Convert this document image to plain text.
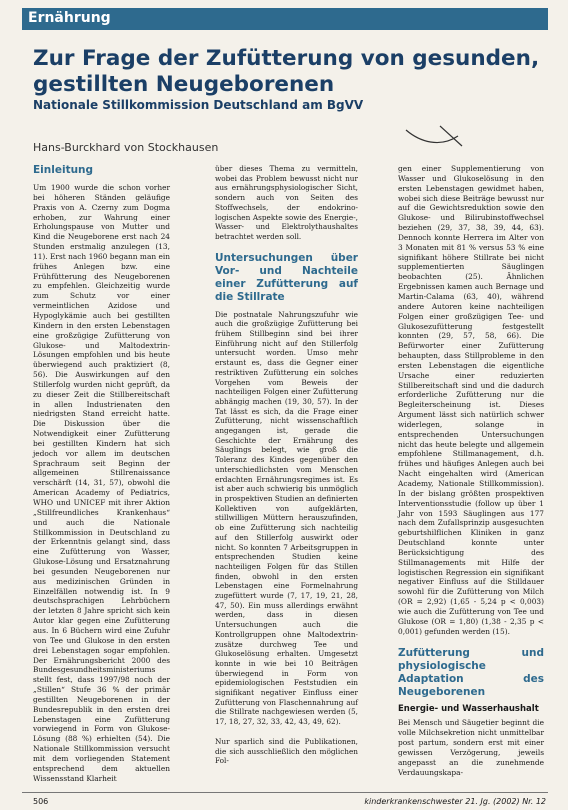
Ernährung
Zur Frage der Zufütterung von gesunden, gestillten Neugeborenen
Nationale Stillkommission Deutschland am BgVV
Hans-Burckhard von Stockhausen
Einleitung

Um 1900 wurde die schon vorher bei höheren Ständen geläufige Praxis von A. Czerny zum Dogma erhoben, zur Wahrung einer Erholungspause von Mutter und Kind die Neugeborene erst nach 24 Stunden erstmalig anzulegen (13, 11). Erst nach 1960 begann man ein frühes Anlegen bzw. eine Frühfütterung des Neugeborenen zu empfehlen. Gleichzeitig wurde zum Schutz vor einer vermeintlichen Azidose und Hypoglykämie auch bei gestillten Kindern in den ersten Lebenstagen eine großzügige Zufütterung von Glukose- und Maltodextrin-Lösungen empfohlen und bis heute überwiegend auch praktiziert (8, 56). Die Auswirkungen auf den Stillerfolg wurden nicht geprüft, da zu dieser Zeit die Stillbereitschaft in allen Industrienaten den niedrigsten Stand erreicht hatte. Die Diskussion über die Notwendigkeit einer Zufütterung bei gestillten Kindern hat sich jedoch vor allem im deutschen Sprachraum seit Beginn der allgemeinen Stillrenaissance verschärft (14, 31, 57), obwohl die American Academy of Pediatrics, WHO und UNICEF mit ihrer Aktion „Stillfreundliches Krankenhaus“ und auch die Nationale Stillkommission in Deutschland zu der Erkenntnis gelangt sind, dass eine Zufütterung von Wasser, Glukose-Lösung und Ersatznahrung bei gesunden Neugeborenen nur aus medizinischen Gründen in Einzelfällen notwendig ist. In 9 deutschsprachigen Lehrbüchern der letzten 8 Jahre spricht sich kein Autor klar gegen eine Zufütterung aus. In 6 Büchern wird eine Zufuhr von Tee und Glukose in den ersten drei Lebenstagen sogar empfohlen. Der Ernährungsbericht 2000 des Bundesgesundheitsministeriums stellt fest, dass 1997/98 noch der „Stillen“ Stufe 36 % der primär gestillten Neugeborenen in der Bundesrepublik in den ersten drei Lebenstagen eine Zufütterung vorwiegend in Form von Glukose-Lösung (88 %) erhielten (54). Die Nationale Stillkommission versucht mit dem vorliegenden Statement entsprechend dem aktuellen Wissensstand Klarheit

über dieses Thema zu vermitteln, wobei das Problem bewusst nicht nur aus ernährungsphysiologischer Sicht, sondern auch von Seiten des Stoffwechsels, der endokrino-logischen Aspekte sowie des Energie-, Wasser- und Elektrolythaushaltes betrachtet werden soll.

Untersuchungen über Vor- und Nachteile einer Zufütterung auf die Stillrate

Die postnatale Nahrungszufuhr wie auch die großzügige Zufütterung bei frühem Stillbeginn sind bei ihrer Einführung nicht auf den Stillerfolg untersucht worden. Umso mehr erstaunt es, dass die Gegner einer restriktiven Zufütterung ein solches Vorgehen vom Beweis der nachteiligen Folgen einer Zufütterung abhängig machen (19, 30, 57). In der Tat lässt es sich, da die Frage einer Zufütterung, nicht wissenschaftlich angegangen ist, gerade die Geschichte der Ernährung des Säuglings belegt, wie groß die Toleranz des Kindes gegenüber den unterschiedlichsten vom Menschen erdachten Ernährungsregimes ist. Es ist aber auch schwierig bis unmöglich in prospektiven Studien an definierten Kollektiven von aufgeklärten, stillwilligen Müttern herauszufinden, ob eine Zufütterung sich nachteilig auf den Stillerfolg auswirkt oder nicht. So konnten 7 Arbeitsgruppen in entsprechenden Studien keine nachteiligen Folgen für das Stillen finden, obwohl in den ersten Lebenstagen eine Formelnahrung zugefüttert wurde (7, 17, 19, 21, 28, 47, 50). Ein muss allerdings erwähnt werden, dass in diesen Untersuchungen auch die Kontrollgruppen ohne Maltodextrin-zusätze durchweg Tee und Glukoselösung erhalten. Umgesetzt konnte in wie bei 10 Beiträgen überwiegend in Form von epidemiologischen Feststudien ein signifikant negativer Einfluss einer Zufütterung von Flaschennahrung auf die Stillrate nachgewiesen werden (5, 17, 18, 27, 32, 33, 42, 43, 49, 62).

Nur sparlich sind die Publikationen, die sich ausschließlich den möglichen Fol-

gen einer Supplementierung von Wasser und Glukoselösung in den ersten Lebenstagen gewidmet haben, wobei sich diese Beiträge bewusst nur auf die Gewichtsreduktion sowie den Glukose- und Bilirubinstoffwechsel beziehen (29, 37, 38, 39, 44, 63). Dennoch konnte Herrera im Alter von 3 Monaten mit 81 % versus 53 % eine signifikant höhere Stillrate bei nicht supplementierten Säuglingen beobachten (25). Ähnlichen Ergebnissen kamen auch Bernage und Martin-Calama (63, 40), während andere Autoren keine nachteiligen Folgen einer großzügigen Tee- und Glukosezufütterung festgestellt konnten (29, 57, 58, 66). Die Befürworter einer Zufütterung behaupten, dass Stillprobleme in den ersten Lebenstagen die eigentliche Ursache einer reduzierten Stillbereitschaft sind und die dadurch erforderliche Zufütterung nur die Begleiterscheinung ist. Dieses Argument lässt sich natürlich schwer widerlegen, solange in entsprechenden Untersuchungen nicht das heute belegte und allgemein empfohlene Stillmanagement, d.h. frühes und häufiges Anlegen auch bei Nacht eingehalten wird (American Academy, Nationale Stillkommission). In der bislang größten prospektiven Interventionsstudie (follow up über 1 Jahr von 1593 Säuglingen aus 177 nach dem Zufallsprinzip ausgesuchten geburtshilflichen Kliniken in ganz Deutschland konnte unter Berücksichtigung des Stillmanagements mit Hilfe der logistischen Regression ein signifikant negativer Einfluss auf die Stilldauer sowohl für die Zufütterung von Milch (OR = 2,92) (1,65 - 5,24 p < 0,003) wie auch die Zufütterung von Tee und Glukose (OR = 1,80) (1,38 - 2,35 p < 0,001) gefunden werden (15).

Zufütterung und physiologische Adaptation des Neugeborenen
Energie- und Wasserhaushalt

Bei Mensch und Säugetier beginnt die volle Milchsekretion nicht unmittelbar post partum, sondern erst mit einer gewissen Verzögerung, jeweils angepasst an die zunehmende Verdauungskapa-

506	kinderkrankenschwester 21. Jg. (2002) Nr. 12
